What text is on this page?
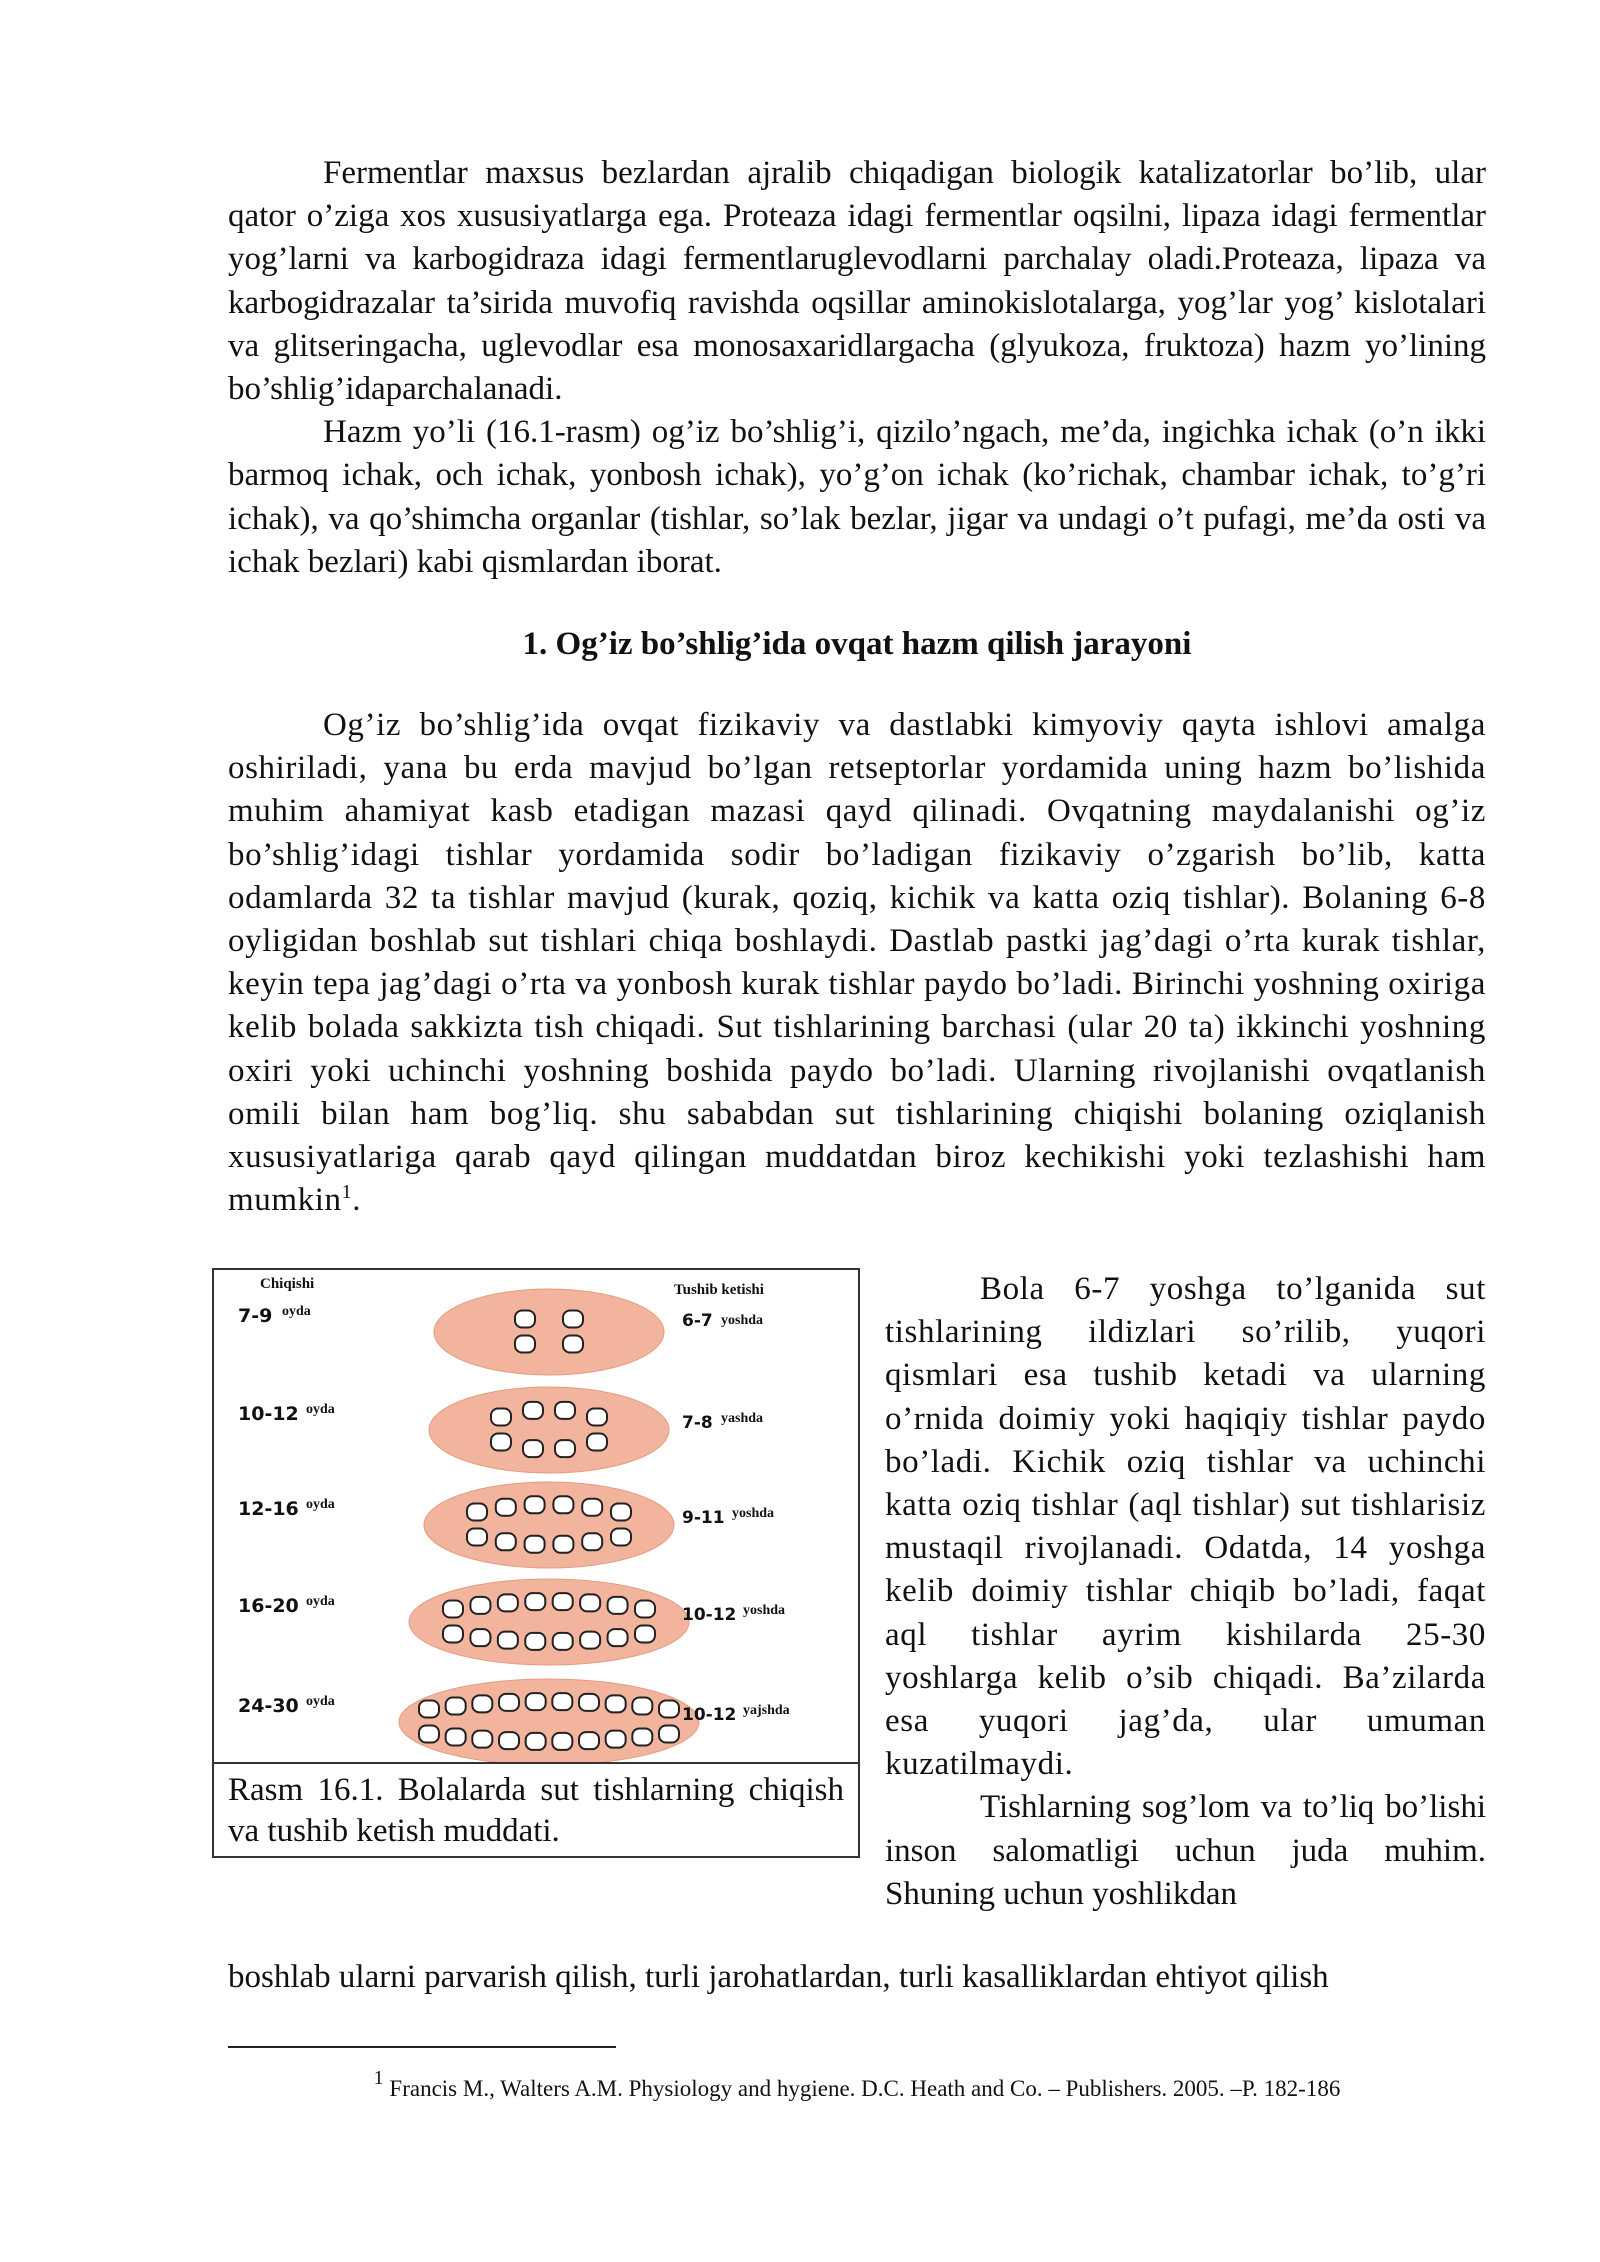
Fermentlar maxsus bezlardan ajralib chiqadigan biologik katalizatorlar bo’lib, ular qator o’ziga xos xususiyatlarga ega. Proteaza idagi fermentlar oqsilni, lipaza idagi fermentlar yog’larni va karbogidraza idagi fermentlaruglevodlarni parchalay oladi.Proteaza, lipaza va karbogidrazalar ta’sirida muvofiq ravishda oqsillar aminokislotalarga, yog’lar yog’ kislotalari va glitseringacha, uglevodlar esa monosaxaridlargacha (glyukoza, fruktoza) hazm yo’lining bo’shlig’idaparchalanadi.

Hazm yo’li (16.1-rasm) og’iz bo’shlig’i, qizilo’ngach, me’da, ingichka ichak (o’n ikki barmoq ichak, och ichak, yonbosh ichak), yo’g’on ichak (ko’richak, chambar ichak, to’g’ri ichak), va qo’shimcha organlar (tishlar, so’lak bezlar, jigar va undagi o’t pufagi, me’da osti va ichak bezlari) kabi qismlardan iborat.

1. Og’iz bo’shlig’ida ovqat hazm qilish jarayoni

Og’iz bo’shlig’ida ovqat fizikaviy va dastlabki kimyoviy qayta ishlovi amalga oshiriladi, yana bu erda mavjud bo’lgan retseptorlar yordamida uning hazm bo’lishida muhim ahamiyat kasb etadigan mazasi qayd qilinadi. Ovqatning maydalanishi og’iz bo’shlig’idagi tishlar yordamida sodir bo’ladigan fizikaviy o’zgarish bo’lib, katta odamlarda 32 ta tishlar mavjud (kurak, qoziq, kichik va katta oziq tishlar). Bolaning 6-8 oyligidan boshlab sut tishlari chiqa boshlaydi. Dastlab pastki jag’dagi o’rta kurak tishlar, keyin tepa jag’dagi o’rta va yonbosh kurak tishlar paydo bo’ladi. Birinchi yoshning oxiriga kelib bolada sakkizta tish chiqadi. Sut tishlarining barchasi (ular 20 ta) ikkinchi yoshning oxiri yoki uchinchi yoshning boshida paydo bo’ladi. Ularning rivojlanishi ovqatlanish omili bilan ham bog’liq. shu sababdan sut tishlarining chiqishi bolaning oziqlanish xususiyatlariga qarab qayd qilingan muddatdan biroz kechikishi yoki tezlashishi ham mumkin$^1$.

Chiqishi	Tushib ketishi
7-9 oyda	6-7 yoshda
10-12 oyda
7-8 yashda
12-16 oyda
9-11 yoshda
16-20 oyda
10-12 yoshda
24-30 oyda
10-12 yajshda
Rasm 16.1. Bolalarda sut tishlarning chiqish va tushib ketish muddati.

Bola 6-7 yoshga to’lganida sut tishlarining ildizlari so’rilib, yuqori qismlari esa tushib ketadi va ularning o’rnida doimiy yoki haqiqiy tishlar paydo bo’ladi. Kichik oziq tishlar va uchinchi katta oziq tishlar (aql tishlar) sut tishlarisiz mustaqil rivojlanadi. Odatda, 14 yoshga kelib doimiy tishlar chiqib bo’ladi, faqat aql tishlar ayrim kishilarda 25-30 yoshlarga kelib o’sib chiqadi. Ba’zilarda esa yuqori jag’da, ular umuman kuzatilmaydi.

Tishlarning sog’lom va to’liq bo’lishi inson salomatligi uchun juda muhim. Shuning uchun yoshlikdan

boshlab ularni parvarish qilish, turli jarohatlardan, turli kasalliklardan ehtiyot qilish
$^1$ Francis M., Walters A.M. Physiology and hygiene. D.C. Heath and Co. – Publishers. 2005. –P. 182-186
